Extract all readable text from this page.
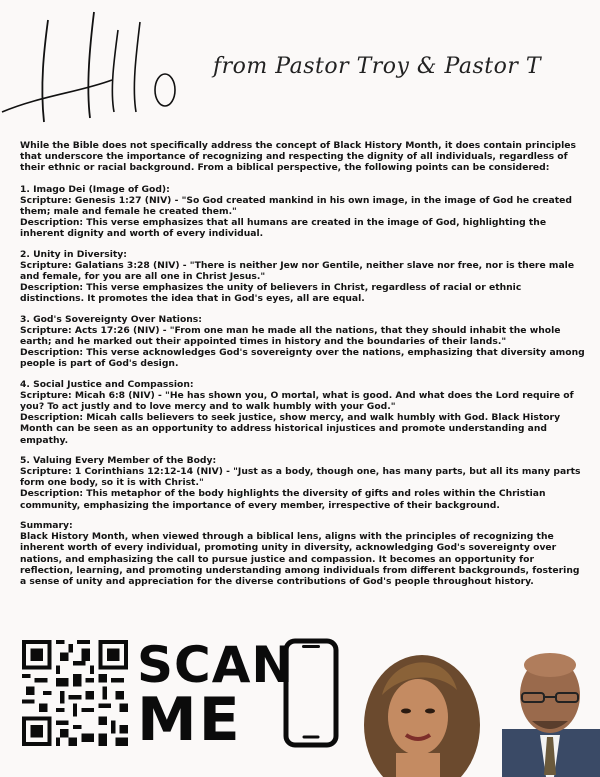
from Pastor Troy & Pastor T

While the Bible does not specifically address the concept of Black History Month, it does contain principles that underscore the importance of recognizing and respecting the dignity of all individuals, regardless of their ethnic or racial background. From a biblical perspective, the following points can be considered:

1. Imago Dei (Image of God):
Scripture: Genesis 1:27 (NIV) - "So God created mankind in his own image, in the image of God he created them; male and female he created them."
Description: This verse emphasizes that all humans are created in the image of God, highlighting the inherent dignity and worth of every individual.
2. Unity in Diversity:
Scripture: Galatians 3:28 (NIV) - "There is neither Jew nor Gentile, neither slave nor free, nor is there male and female, for you are all one in Christ Jesus."
Description: This verse emphasizes the unity of believers in Christ, regardless of racial or ethnic distinctions. It promotes the idea that in God's eyes, all are equal.
3. God's Sovereignty Over Nations:
Scripture: Acts 17:26 (NIV) - "From one man he made all the nations, that they should inhabit the whole earth; and he marked out their appointed times in history and the boundaries of their lands."
Description: This verse acknowledges God's sovereignty over the nations, emphasizing that diversity among people is part of God's design.
4. Social Justice and Compassion:
Scripture: Micah 6:8 (NIV) - "He has shown you, O mortal, what is good. And what does the Lord require of you? To act justly and to love mercy and to walk humbly with your God."
Description: Micah calls believers to seek justice, show mercy, and walk humbly with God. Black History Month can be seen as an opportunity to address historical injustices and promote understanding and empathy.
5. Valuing Every Member of the Body:
Scripture: 1 Corinthians 12:12-14 (NIV) - "Just as a body, though one, has many parts, but all its many parts form one body, so it is with Christ."
Description: This metaphor of the body highlights the diversity of gifts and roles within the Christian community, emphasizing the importance of every member, irrespective of their background.
Summary:
Black History Month, when viewed through a biblical lens, aligns with the principles of recognizing the inherent worth of every individual, promoting unity in diversity, acknowledging God's sovereignty over nations, and emphasizing the call to pursue justice and compassion. It becomes an opportunity for reflection, learning, and promoting understanding among individuals from different backgrounds, fostering a sense of unity and appreciation for the diverse contributions of God's people throughout history.
SCAN
ME
